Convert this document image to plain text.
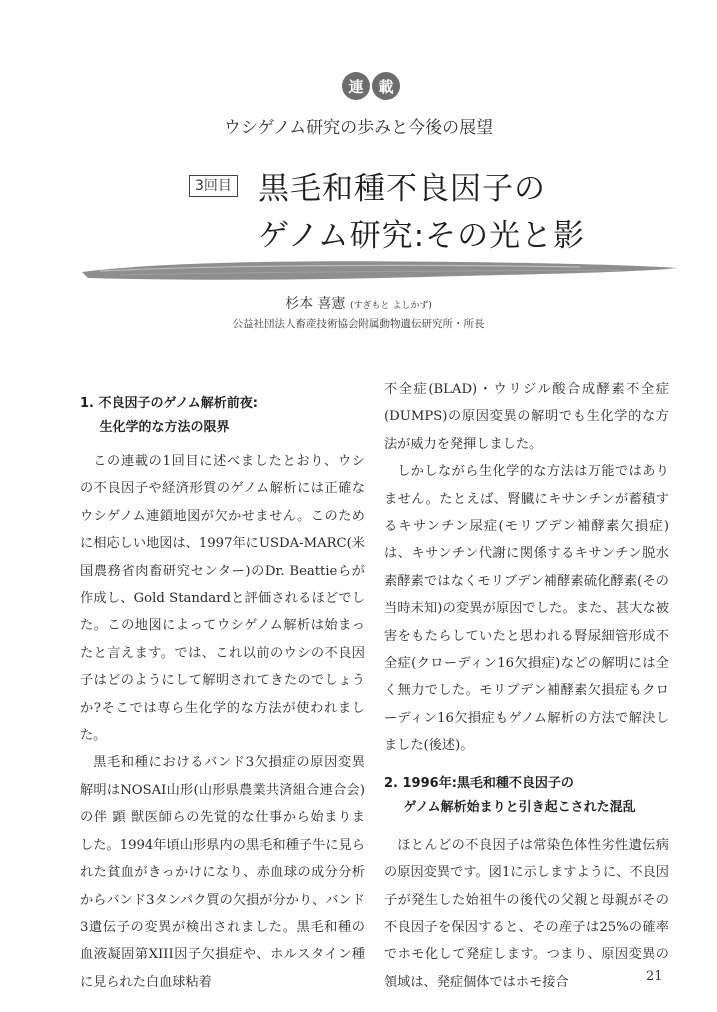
連 載
ウシゲノム研究の歩みと今後の展望
3回目 黒毛和種不良因子の
ゲノム研究:その光と影
杉本 喜憲 (すぎもと よしかず)
公益社団法人畜産技術協会附属動物遺伝研究所・所長
1. 不良因子のゲノム解析前夜:
生化学的な方法の限界

この連載の1回目に述べましたとおり、ウシの不良因子や経済形質のゲノム解析には正確なウシゲノム連鎖地図が欠かせません。このために相応しい地図は、1997年にUSDA-MARC(米国農務省肉畜研究センター)のDr. Beattieらが作成し、Gold Standardと評価されるほどでした。この地図によってウシゲノム解析は始まったと言えます。では、これ以前のウシの不良因子はどのようにして解明されてきたのでしょうか?そこでは専ら生化学的な方法が使われました。

黒毛和種におけるバンド3欠損症の原因変異解明はNOSAI山形(山形県農業共済組合連合会)の伴 顕 獣医師らの先覚的な仕事から始まりました。1994年頃山形県内の黒毛和種子牛に見られた貧血がきっかけになり、赤血球の成分分析からバンド3タンパク質の欠損が分かり、バンド3遺伝子の変異が検出されました。黒毛和種の血液凝固第XIII因子欠損症や、ホルスタイン種に見られた白血球粘着

不全症(BLAD)・ウリジル酸合成酵素不全症(DUMPS)の原因変異の解明でも生化学的な方法が威力を発揮しました。

しかしながら生化学的な方法は万能ではありません。たとえば、腎臓にキサンチンが蓄積するキサンチン尿症(モリブデン補酵素欠損症)は、キサンチン代謝に関係するキサンチン脱水素酵素ではなくモリブデン補酵素硫化酵素(その当時未知)の変異が原因でした。また、甚大な被害をもたらしていたと思われる腎尿細管形成不全症(クローディン16欠損症)などの解明には全く無力でした。モリブデン補酵素欠損症もクローディン16欠損症もゲノム解析の方法で解決しました(後述)。

2. 1996年:黒毛和種不良因子の
ゲノム解析始まりと引き起こされた混乱

ほとんどの不良因子は常染色体性劣性遺伝病の原因変異です。図1に示しますように、不良因子が発生した始祖牛の後代の父親と母親がその不良因子を保因すると、その産子は25%の確率でホモ化して発症します。つまり、原因変異の領域は、発症個体ではホモ接合	21
